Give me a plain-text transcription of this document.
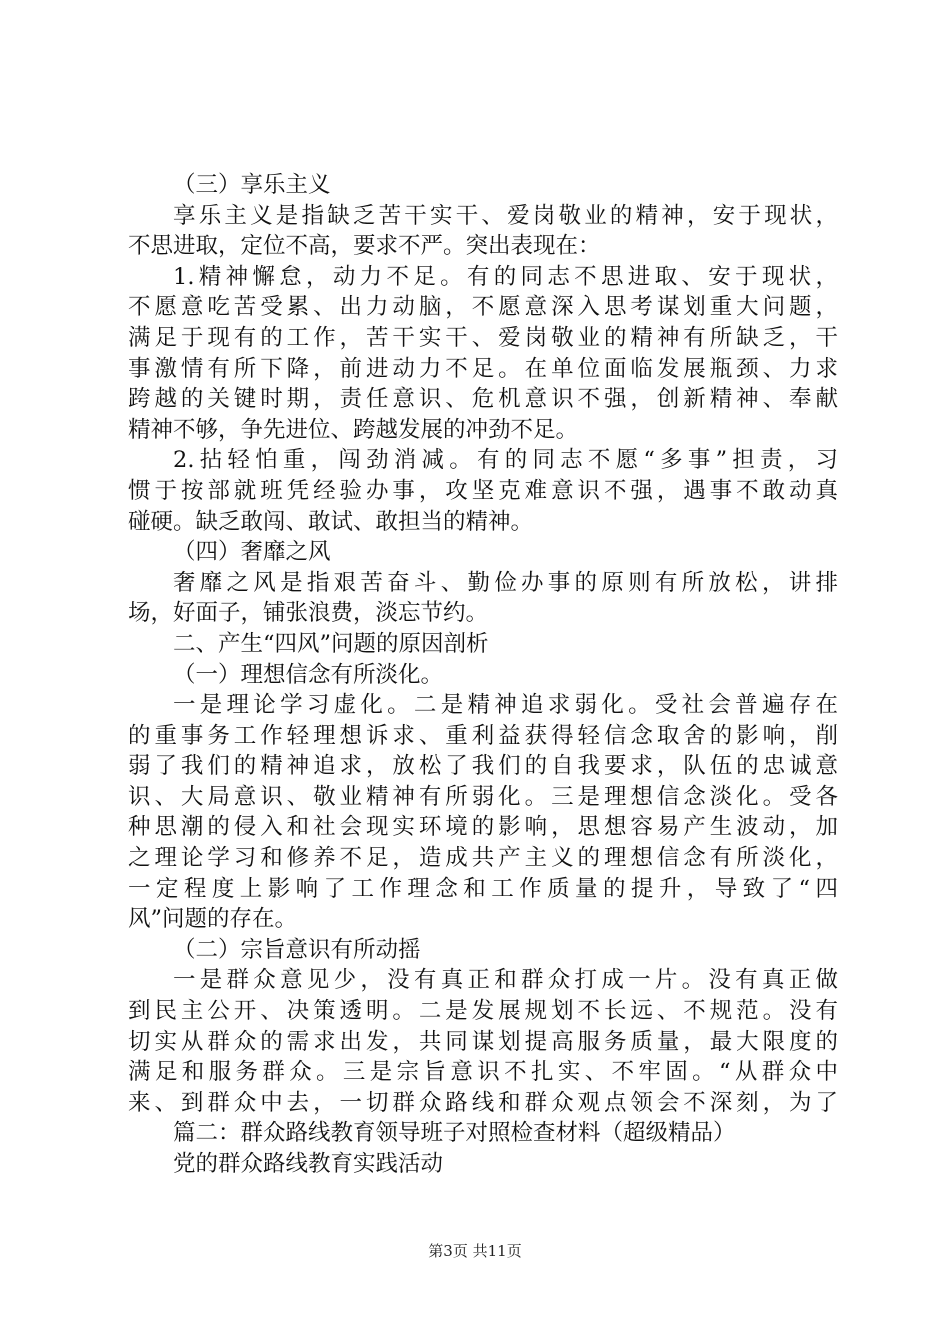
（三）享乐主义
享乐主义是指缺乏苦干实干、爱岗敬业的精神，安于现状，
不思进取，定位不高，要求不严。突出表现在：
1.精神懈怠，动力不足。有的同志不思进取、安于现状，
不愿意吃苦受累、出力动脑，不愿意深入思考谋划重大问题，
满足于现有的工作，苦干实干、爱岗敬业的精神有所缺乏，干
事激情有所下降，前进动力不足。在单位面临发展瓶颈、力求
跨越的关键时期，责任意识、危机意识不强，创新精神、奉献
精神不够，争先进位、跨越发展的冲劲不足。
2.拈轻怕重，闯劲消减。有的同志不愿“多事”担责，习
惯于按部就班凭经验办事，攻坚克难意识不强，遇事不敢动真
碰硬。缺乏敢闯、敢试、敢担当的精神。
（四）奢靡之风
奢靡之风是指艰苦奋斗、勤俭办事的原则有所放松，讲排
场，好面子，铺张浪费，淡忘节约。
二、产生“四风”问题的原因剖析
（一）理想信念有所淡化。
一是理论学习虚化。二是精神追求弱化。受社会普遍存在
的重事务工作轻理想诉求、重利益获得轻信念取舍的影响，削
弱了我们的精神追求，放松了我们的自我要求，队伍的忠诚意
识、大局意识、敬业精神有所弱化。三是理想信念淡化。受各
种思潮的侵入和社会现实环境的影响，思想容易产生波动，加
之理论学习和修养不足，造成共产主义的理想信念有所淡化，
一定程度上影响了工作理念和工作质量的提升，导致了“四
风”问题的存在。
（二）宗旨意识有所动摇
一是群众意见少，没有真正和群众打成一片。没有真正做
到民主公开、决策透明。二是发展规划不长远、不规范。没有
切实从群众的需求出发，共同谋划提高服务质量，最大限度的
满足和服务群众。三是宗旨意识不扎实、不牢固。“从群众中
来、到群众中去，一切群众路线和群众观点领会不深刻，为了
篇二：群众路线教育领导班子对照检查材料（超级精品）
党的群众路线教育实践活动
第3页 共11页
